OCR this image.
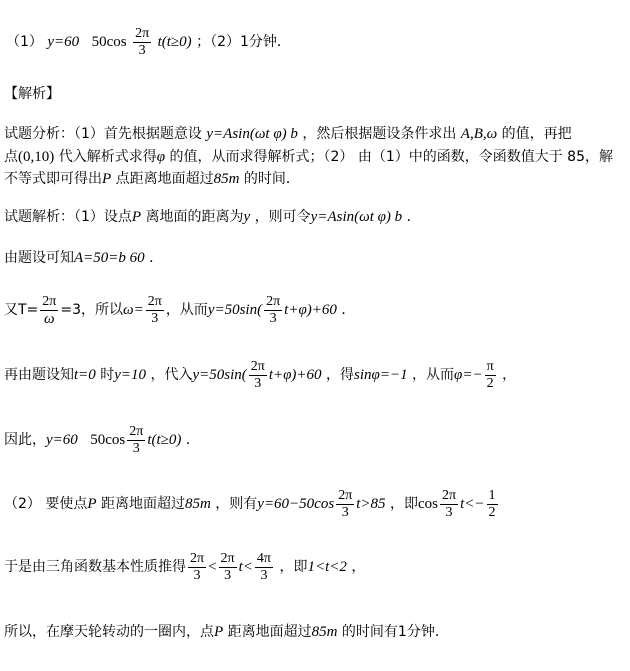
（1） y=60 $50\cos \frac{2\pi}{3} t(t\ge 0)$ ；（2）1分钟．
【解析】
试题分析：（1）首先根据题意设 y=Asin(ωt φ) b ，然后根据题设条件求出 A,B,ω 的值，再把
点(0,10) 代入解析式求得φ 的值，从而求得解析式；（2） 由（1）中的函数，令函数值大于 85，解
不等式即可得出P 点距离地面超过85m 的时间．
试题解析：（1）设点P 离地面的距离为y ，则可令y=Asin(ωt φ) b ．
由题设可知A=50=b 60 ．
又$T= \frac{2\pi}{\omega} =3$，所以$\omega= \frac{2\pi}{3}$ ，从而$y=50\sin( \frac{2\pi}{3} t+\varphi)+60$ ．
再由题设知t=0 时y=10 ，代入$y=50\sin( \frac{2\pi}{3} t+\varphi)+60$ ，得sinφ=−1 ，从而$\varphi=- \frac{\pi}{2}$ ，
因此，y=60 $50\cos \frac{2\pi}{3} t(t\ge 0)$ ．
（2） 要使点P 距离地面超过85m ，则有$y=60-50\cos \frac{2\pi}{3} t>85$ ，即$\cos \frac{2\pi}{3} t<- \frac{1}{2}$
于是由三角函数基本性质推得 $\frac{2\pi}{3} < \frac{2\pi}{3} t< \frac{4\pi}{3}$ ，即1<t<2 ，
所以，在摩天轮转动的一圈内，点P 距离地面超过85m 的时间有1分钟．
